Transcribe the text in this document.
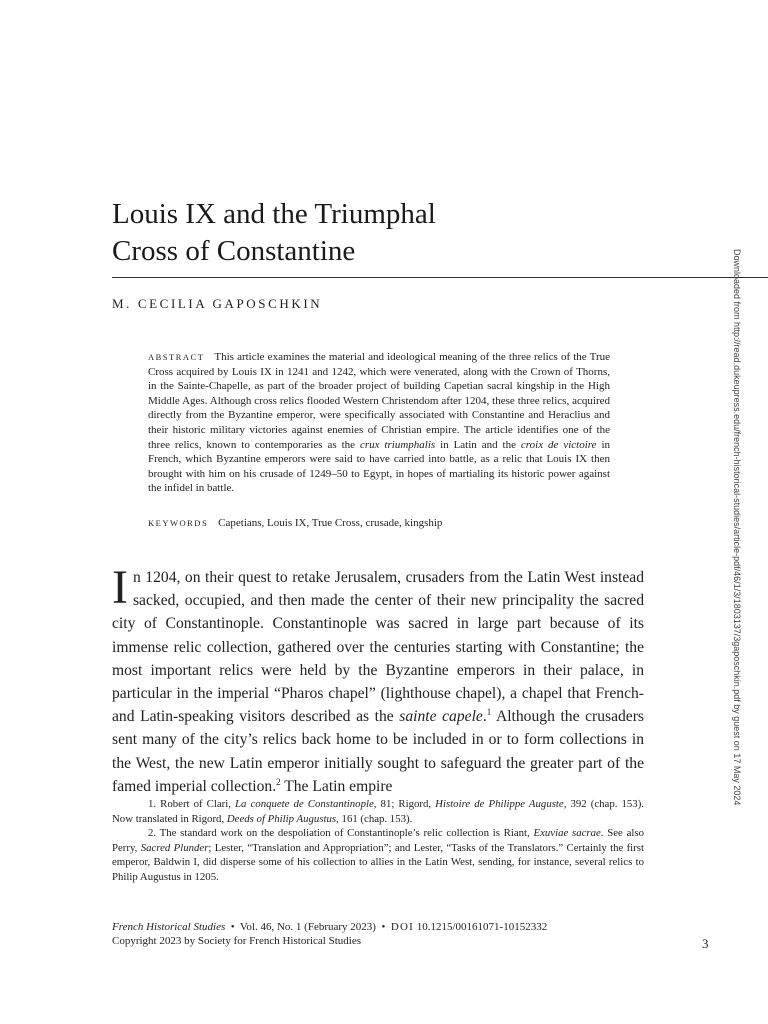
Louis IX and the Triumphal
Cross of Constantine
M. CECILIA GAPOSCHKIN

ABSTRACT This article examines the material and ideological meaning of the three relics of the True Cross acquired by Louis IX in 1241 and 1242, which were venerated, along with the Crown of Thorns, in the Sainte-Chapelle, as part of the broader project of building Capetian sacral kingship in the High Middle Ages. Although cross relics flooded Western Christendom after 1204, these three relics, acquired directly from the Byzantine emperor, were specifically associated with Constantine and Heraclius and their historic military victories against enemies of Christian empire. The article identifies one of the three relics, known to contemporaries as the crux triumphalis in Latin and the croix de victoire in French, which Byzantine emperors were said to have carried into battle, as a relic that Louis IX then brought with him on his crusade of 1249–50 to Egypt, in hopes of martialing its historic power against the infidel in battle.

KEYWORDS Capetians, Louis IX, True Cross, crusade, kingship

In 1204, on their quest to retake Jerusalem, crusaders from the Latin West instead sacked, occupied, and then made the center of their new principality the sacred city of Constantinople. Constantinople was sacred in large part because of its immense relic collection, gathered over the centuries starting with Constantine; the most important relics were held by the Byzantine emperors in their palace, in particular in the imperial “Pharos chapel” (lighthouse chapel), a chapel that French- and Latin-speaking visitors described as the sainte capele.$^1$ Although the crusaders sent many of the city’s relics back home to be included in or to form collections in the West, the new Latin emperor initially sought to safeguard the greater part of the famed imperial collection.$^2$ The Latin empire

1. Robert of Clari, La conquete de Constantinople, 81; Rigord, Histoire de Philippe Auguste, 392 (chap. 153). Now translated in Rigord, Deeds of Philip Augustus, 161 (chap. 153).

2. The standard work on the despoliation of Constantinople’s relic collection is Riant, Exuviae sacrae. See also Perry, Sacred Plunder; Lester, “Translation and Appropriation”; and Lester, “Tasks of the Translators.” Certainly the first emperor, Baldwin I, did disperse some of his collection to allies in the Latin West, sending, for instance, several relics to Philip Augustus in 1205.

French Historical Studies  •  Vol. 46, No. 1 (February 2023)  •  DOI 10.1215/00161071-10152332
Copyright 2023 by Society for French Historical Studies	3
Downloaded from http://read.dukeupress.edu/french-historical-studies/article-pdf/46/1/3/1803137/3gaposchkin.pdf by guest on 17 May 2024
